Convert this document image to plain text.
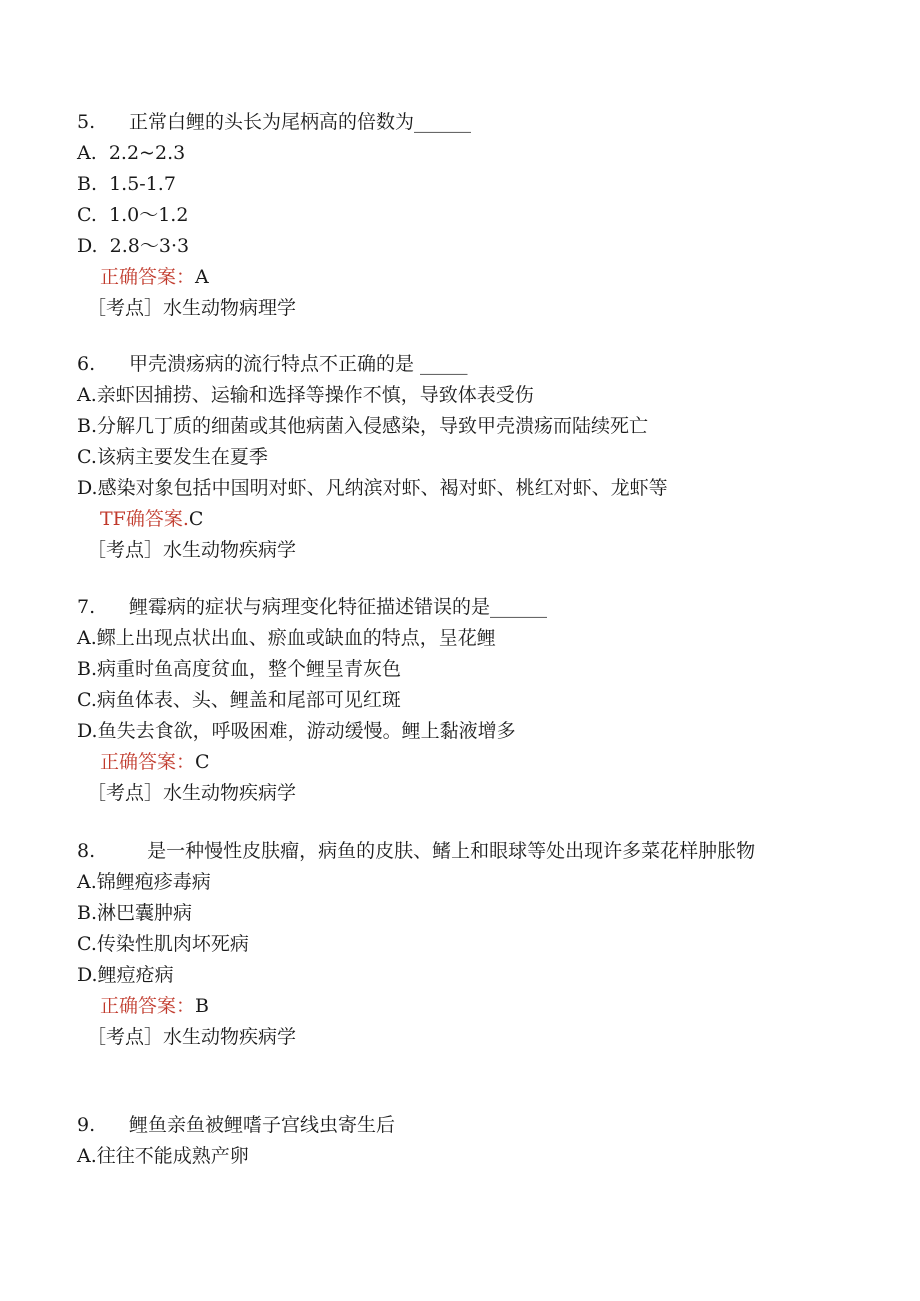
5. 正常白鲤的头长为尾柄高的倍数为______

A.  2.2~2.3

B.  1.5-1.7

C.  1.0～1.2

D.  2.8～3·3

正确答案：A

［考点］水生动物病理学

6. 甲壳溃疡病的流行特点不正确的是 _____

A.亲虾因捕捞、运输和选择等操作不慎，导致体表受伤

B.分解几丁质的细菌或其他病菌入侵感染，导致甲壳溃疡而陆续死亡

C.该病主要发生在夏季

D.感染对象包括中国明对虾、凡纳滨对虾、褐对虾、桃红对虾、龙虾等

TF确答案.C

［考点］水生动物疾病学

7. 鲤霉病的症状与病理变化特征描述错误的是______

A.鳏上出现点状出血、瘀血或缺血的特点，呈花鲤

B.病重时鱼高度贫血，整个鲤呈青灰色

C.病鱼体表、头、鲤盖和尾部可见红斑

D.鱼失去食欲，呼吸困难，游动缓慢。鲤上黏液增多

正确答案：C

［考点］水生动物疾病学

8.   是一种慢性皮肤瘤，病鱼的皮肤、鳍上和眼球等处出现许多菜花样肿胀物

A.锦鲤疱疹毒病

B.淋巴囊肿病

C.传染性肌肉坏死病

D.鲤痘疮病

正确答案：B

［考点］水生动物疾病学

9. 鲤鱼亲鱼被鲤嗜子宫线虫寄生后

A.往往不能成熟产卵
